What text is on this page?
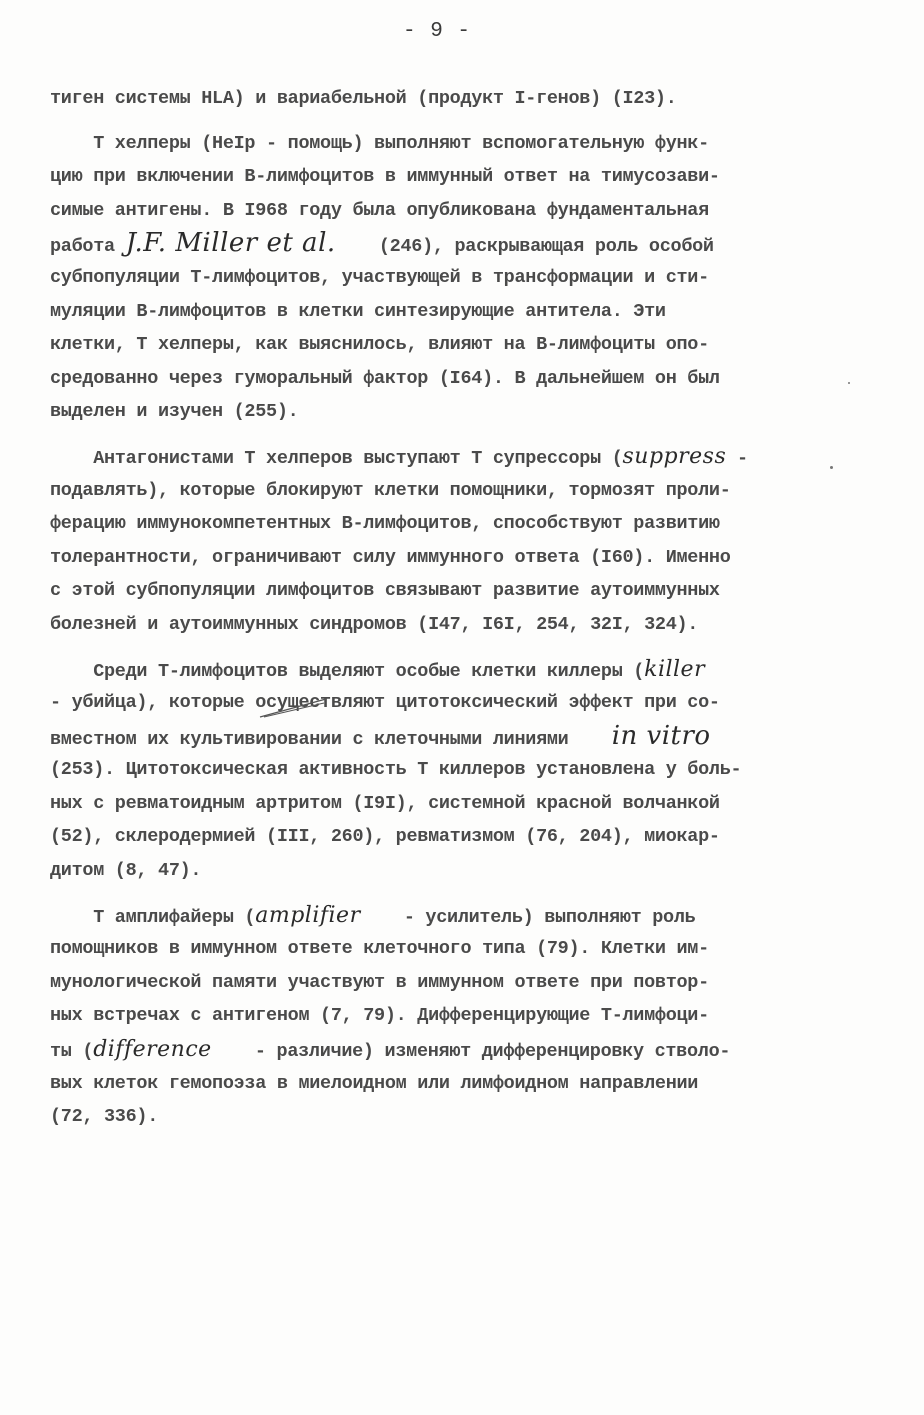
- 9 -
тиген системы HLA) и вариабельной (продукт I-генов) (I23).
Т хелперы (HeIp - помощь) выполняют вспомогательную функ-
цию при включении В-лимфоцитов в иммунный ответ на тимусозави-
симые антигены. В I968 году была опубликована фундаментальная
работа J.F. Miller et al.    (246), раскрывающая роль особой
субпопуляции Т-лимфоцитов, участвующей в трансформации и сти-
муляции В-лимфоцитов в клетки синтезирующие антитела. Эти
клетки, Т хелперы, как выяснилось, влияют на В-лимфоциты опо-
средованно через гуморальный фактор (I64). В дальнейшем он был
выделен и изучен (255).
Антагонистами Т хелперов выступают Т супрессоры (suppress -
подавлять), которые блокируют клетки помощники, тормозят проли-
ферацию иммунокомпетентных В-лимфоцитов, способствуют развитию
толерантности, ограничивают силу иммунного ответа (I60). Именно
с этой субпопуляции лимфоцитов связывают развитие аутоиммунных
болезней и аутоиммунных синдромов (I47, I6I, 254, 32I, 324).
Среди Т-лимфоцитов выделяют особые клетки киллеры (killer
- убийца), которые осуществляют цитотоксический эффект при со-
вместном их культивировании с клеточными линиями in vitro
(253). Цитотоксическая активность Т киллеров установлена у боль-
ных с ревматоидным артритом (I9I), системной красной волчанкой
(52), склеродермией (III, 260), ревматизмом (76, 204), миокар-
дитом (8, 47).
Т амплифайеры (amplifier    - усилитель) выполняют роль
помощников в иммунном ответе клеточного типа (79). Клетки им-
мунологической памяти участвуют в иммунном ответе при повтор-
ных встречах с антигеном (7, 79). Дифференцирующие Т-лимфоци-
ты (difference    - различие) изменяют дифференцировку стволо-
вых клеток гемопоэза в миелоидном или лимфоидном направлении
(72, 336).
